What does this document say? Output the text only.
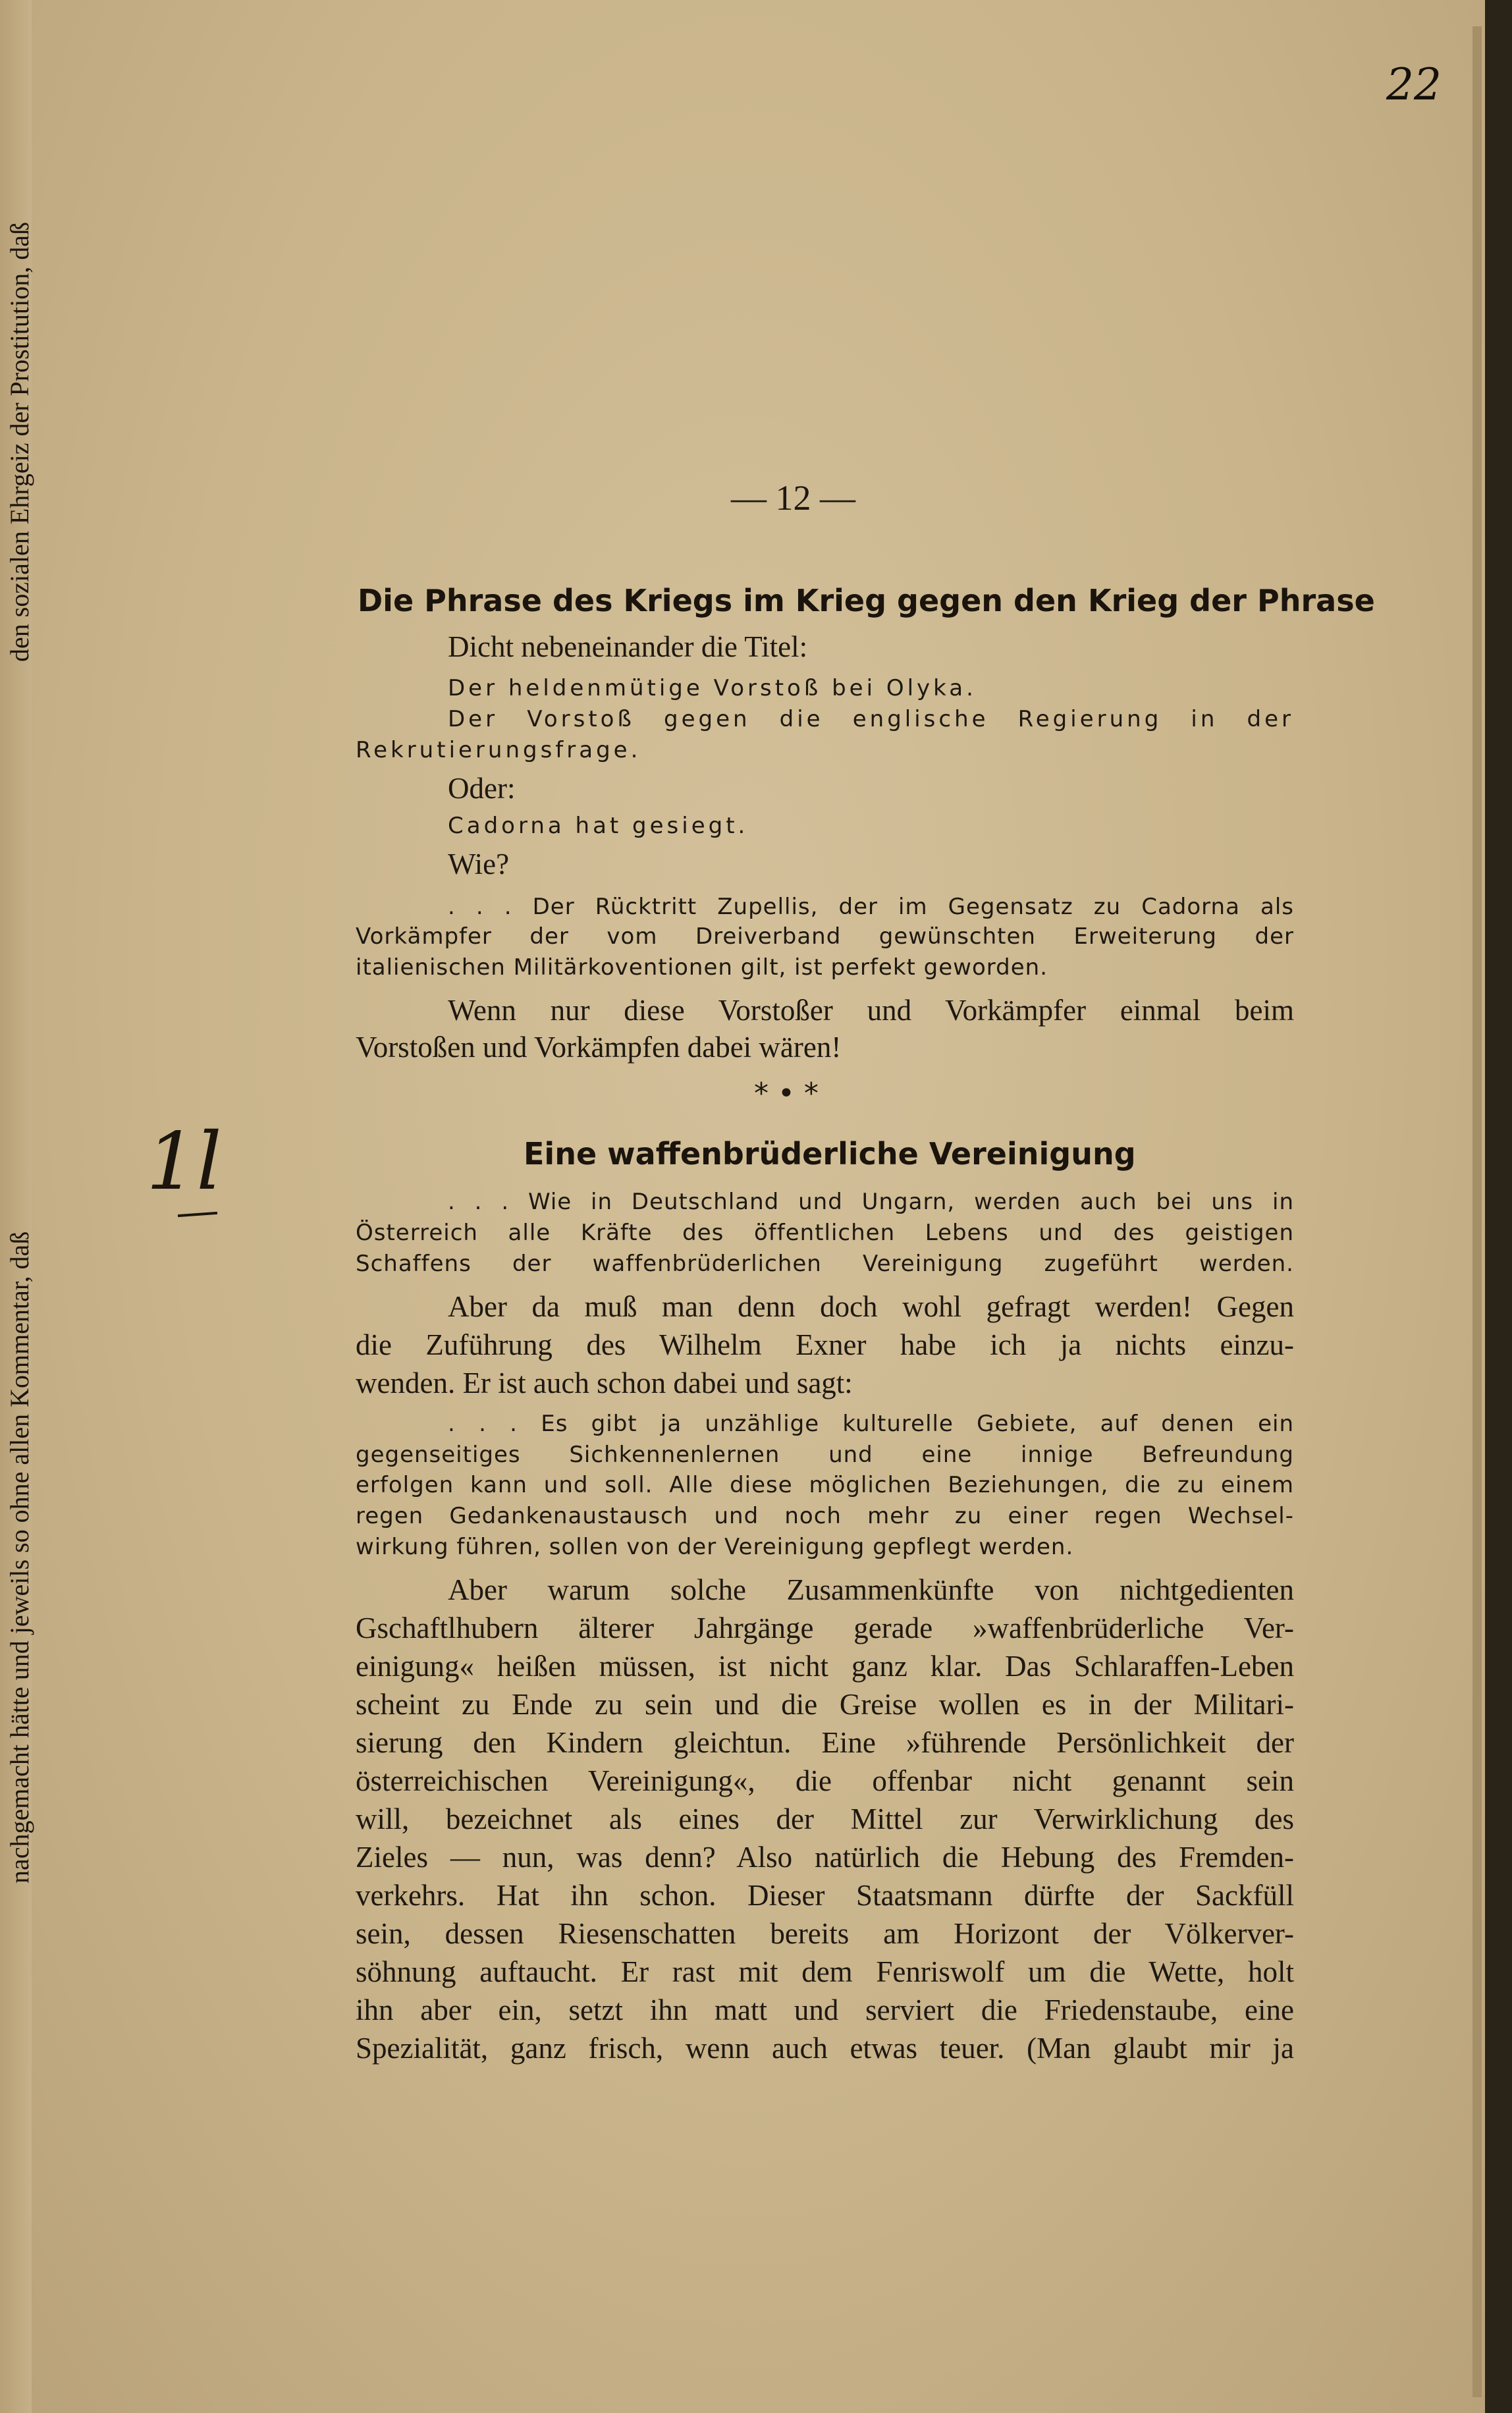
den sozialen Ehrgeiz der Prostitution, daß
nachgemacht hätte und jeweils so ohne allen Kommentar, daß
22
1l
— 12 —
Die Phrase des Kriegs im Krieg gegen den Krieg der Phrase
Dicht nebeneinander die Titel:
Der heldenmütige Vorstoß bei Olyka.
Der Vorstoß gegen die englische Regierung in der
Rekrutierungsfrage.
Oder:
Cadorna hat gesiegt.
Wie?
. . . Der Rücktritt Zupellis, der im Gegensatz zu Cadorna als
Vorkämpfer der vom Dreiverband gewünschten Erweiterung der
italienischen Militärkoventionen gilt, ist perfekt geworden.
Wenn nur diese Vorstoßer und Vorkämpfer einmal beim
Vorstoßen und Vorkämpfen dabei wären!
* • *
Eine waffenbrüderliche Vereinigung
. . . Wie in Deutschland und Ungarn, werden auch bei uns in
Österreich alle Kräfte des öffentlichen Lebens und des geistigen
Schaffens der waffenbrüderlichen Vereinigung zugeführt werden.
Aber da muß man denn doch wohl gefragt werden! Gegen
die Zuführung des Wilhelm Exner habe ich ja nichts einzu-
wenden. Er ist auch schon dabei und sagt:
. . . Es gibt ja unzählige kulturelle Gebiete, auf denen ein
gegenseitiges Sichkennenlernen und eine innige Befreundung
erfolgen kann und soll. Alle diese möglichen Beziehungen, die zu einem
regen Gedankenaustausch und noch mehr zu einer regen Wechsel-
wirkung führen, sollen von der Vereinigung gepflegt werden.
Aber warum solche Zusammenkünfte von nichtgedienten
Gschaftlhubern älterer Jahrgänge gerade »waffenbrüderliche Ver-
einigung« heißen müssen, ist nicht ganz klar. Das Schlaraffen-Leben
scheint zu Ende zu sein und die Greise wollen es in der Militari-
sierung den Kindern gleichtun. Eine »führende Persönlichkeit der
österreichischen Vereinigung«, die offenbar nicht genannt sein
will, bezeichnet als eines der Mittel zur Verwirklichung des
Zieles — nun, was denn? Also natürlich die Hebung des Fremden-
verkehrs. Hat ihn schon. Dieser Staatsmann dürfte der Sackfüll
sein, dessen Riesenschatten bereits am Horizont der Völkerver-
söhnung auftaucht. Er rast mit dem Fenriswolf um die Wette, holt
ihn aber ein, setzt ihn matt und serviert die Friedenstaube, eine
Spezialität, ganz frisch, wenn auch etwas teuer. (Man glaubt mir ja
